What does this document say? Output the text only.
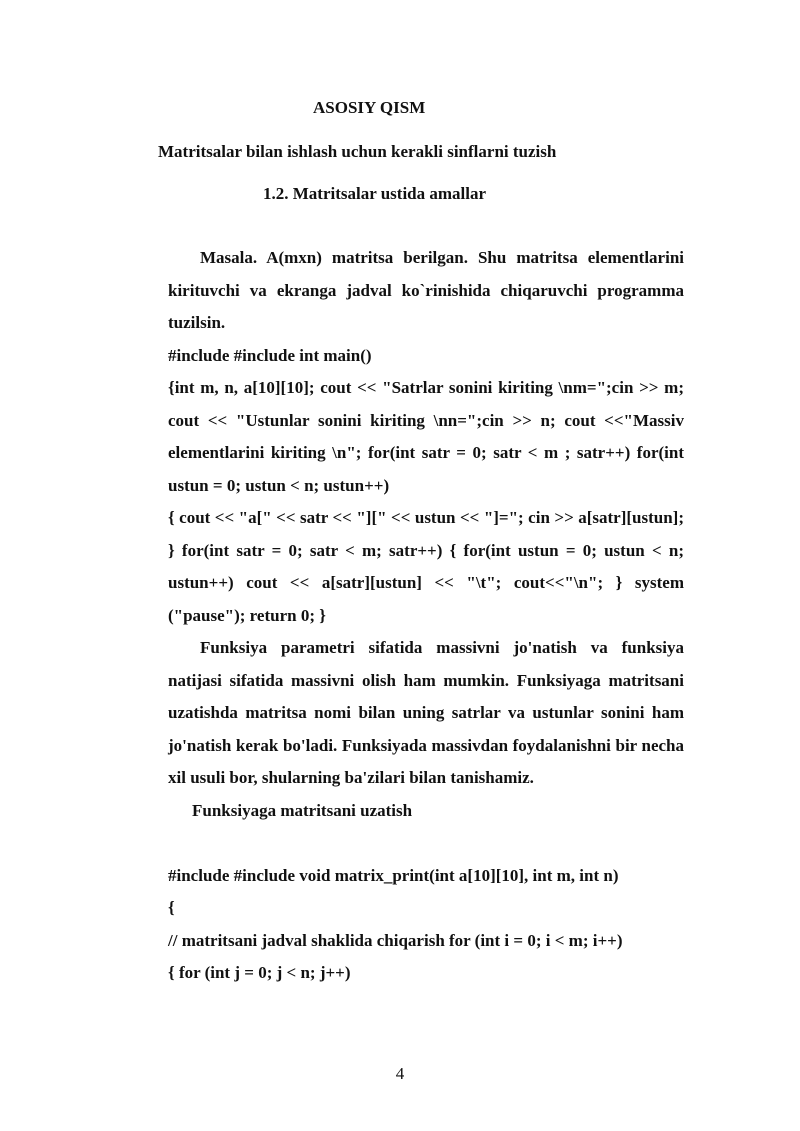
ASOSIY QISM
Matritsalar bilan ishlash uchun kerakli sinflarni tuzish
1.2. Matritsalar ustida amallar

Masala. A(mxn) matritsa berilgan. Shu matritsa elementlarini kirituvchi va ekranga jadval ko`rinishida chiqaruvchi programma tuzilsin.

#include #include int main()

{int m, n, a[10][10]; cout << "Satrlar sonini kiriting \nm=";cin >> m; cout << "Ustunlar sonini kiriting \nn=";cin >> n; cout <<"Massiv elementlarini kiriting \n"; for(int satr = 0; satr < m ; satr++) for(int ustun = 0; ustun < n; ustun++)

{ cout << "a[" << satr << "][" << ustun << "]="; cin >> a[satr][ustun]; } for(int satr = 0; satr < m; satr++) { for(int ustun = 0; ustun < n; ustun++) cout << a[satr][ustun] << "\t"; cout<<"\n"; } system ("pause"); return 0; }

Funksiya parametri sifatida massivni jo'natish va funksiya natijasi sifatida massivni olish ham mumkin. Funksiyaga matritsani uzatishda matritsa nomi bilan uning satrlar va ustunlar sonini ham jo'natish kerak bo'ladi. Funksiyada massivdan foydalanishni bir necha xil usuli bor, shularning ba'zilari bilan tanishamiz.

Funksiyaga matritsani uzatish

#include #include void matrix_print(int a[10][10], int m, int n)

{

// matritsani jadval shaklida chiqarish for (int i = 0; i < m; i++)

{ for (int j = 0; j < n; j++)

4
